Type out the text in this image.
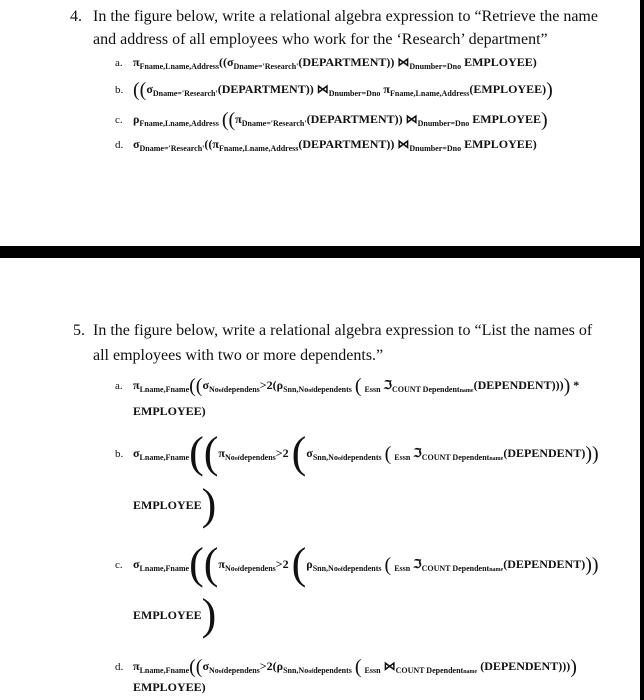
4. In the figure below, write a relational algebra expression to “Retrieve the name
and address of all employees who work for the ‘Research’ department”
a. $\pi_{Fname,Lname,Address}((\sigma_{Dname='Research'}(DEPARTMENT))$ $⋈_{Dnumber=Dno}$ EMPLOYEE)
b. ($(\sigma_{Dname='Research'}(DEPARTMENT))$ $⋈_{Dnumber=Dno}$ $\pi_{Fname,Lname,Address}(EMPLOYEE)$)
c. $\rho_{Fname,Lname,Address}$ ($(\pi_{Dname='Research'}(DEPARTMENT))$ $⋈_{Dnumber=Dno}$ EMPLOYEE)
d. $\sigma_{Dname='Research'}((\pi_{Fname,Lname,Address}(DEPARTMENT))$ $⋈_{Dnumber=Dno}$ EMPLOYEE)
5. In the figure below, write a relational algebra expression to “List the names of
all employees with two or more dependents.”
a. $\pi_{Lname,Fname}((\sigma_{Noofdependens}>2(\rho_{Snn,Noofdependents}$ ( $_{Essn}$ ℑ$_{COUNT Dependentname}$(DEPENDENT)))) *
EMPLOYEE)
b. $\sigma_{Lname,Fname}((\pi_{Noofdependens}>2$ ($\sigma_{Snn,Noofdependents}$ ( $_{Essn}$ ℑ$_{COUNT Dependentname}$(DEPENDENT)))
EMPLOYEE)
c. $\sigma_{Lname,Fname}((\pi_{Noofdependens}>2$ ($\rho_{Snn,Noofdependents}$ ( $_{Essn}$ ℑ$_{COUNT Dependentname}$(DEPENDENT)))
EMPLOYEE)
d. $\pi_{Lname,Fname}((\sigma_{Noofdependens}>2(\rho_{Snn,Noofdependents}$ ( $_{Essn}$ $⋈_{COUNT Dependentname}$ (DEPENDENT))))
EMPLOYEE)
